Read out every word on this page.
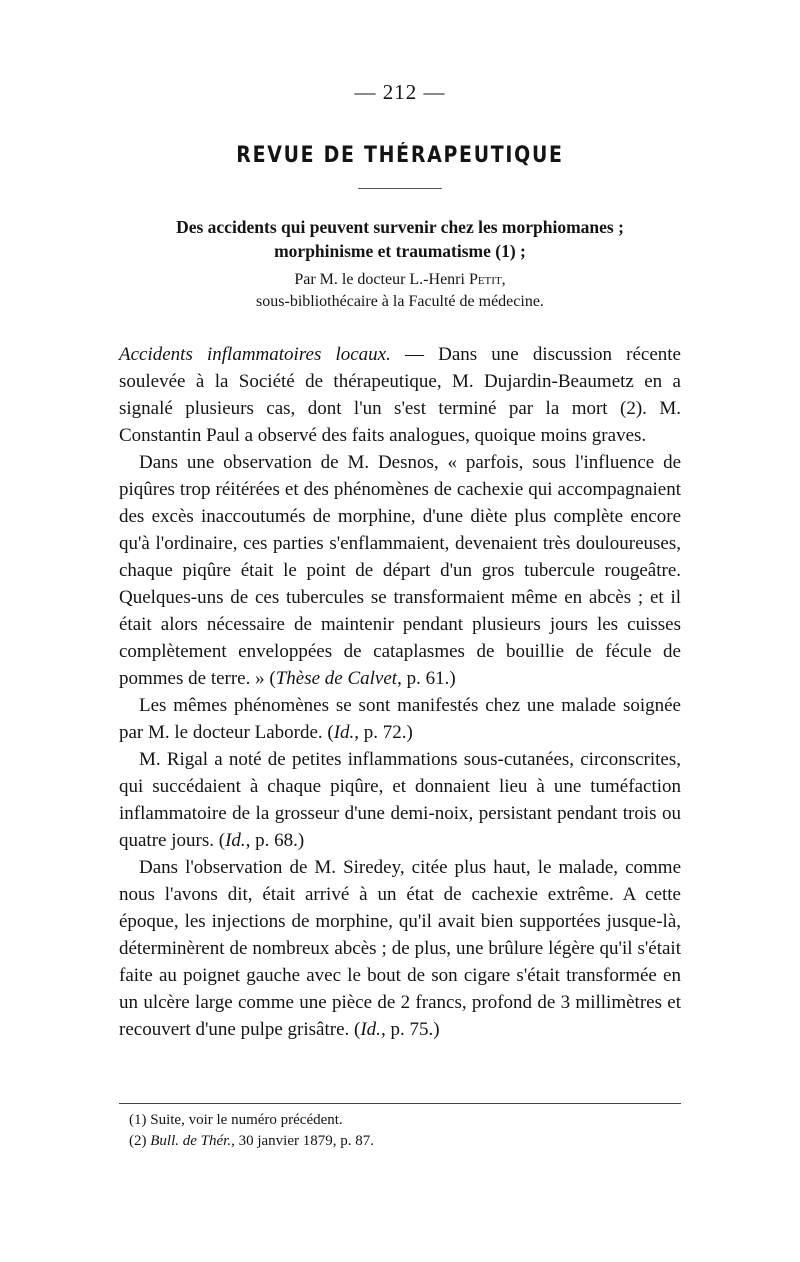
— 212 —
REVUE DE THÉRAPEUTIQUE
Des accidents qui peuvent survenir chez les morphiomanes ;
morphinisme et traumatisme (1) ;

Par M. le docteur L.-Henri Petit,

sous-bibliothécaire à la Faculté de médecine.

Accidents inflammatoires locaux. — Dans une discussion récente soulevée à la Société de thérapeutique, M. Dujardin-Beaumetz en a signalé plusieurs cas, dont l'un s'est terminé par la mort (2). M. Constantin Paul a observé des faits analogues, quoique moins graves.

Dans une observation de M. Desnos, « parfois, sous l'influence de piqûres trop réitérées et des phénomènes de cachexie qui accompagnaient des excès inaccoutumés de morphine, d'une diète plus complète encore qu'à l'ordinaire, ces parties s'enflammaient, devenaient très douloureuses, chaque piqûre était le point de départ d'un gros tubercule rougeâtre. Quelques-uns de ces tubercules se transformaient même en abcès ; et il était alors nécessaire de maintenir pendant plusieurs jours les cuisses complètement enveloppées de cataplasmes de bouillie de fécule de pommes de terre. » (Thèse de Calvet, p. 61.)

Les mêmes phénomènes se sont manifestés chez une malade soignée par M. le docteur Laborde. (Id., p. 72.)

M. Rigal a noté de petites inflammations sous-cutanées, circonscrites, qui succédaient à chaque piqûre, et donnaient lieu à une tuméfaction inflammatoire de la grosseur d'une demi-noix, persistant pendant trois ou quatre jours. (Id., p. 68.)

Dans l'observation de M. Siredey, citée plus haut, le malade, comme nous l'avons dit, était arrivé à un état de cachexie extrême. A cette époque, les injections de morphine, qu'il avait bien supportées jusque-là, déterminèrent de nombreux abcès ; de plus, une brûlure légère qu'il s'était faite au poignet gauche avec le bout de son cigare s'était transformée en un ulcère large comme une pièce de 2 francs, profond de 3 millimètres et recouvert d'une pulpe grisâtre. (Id., p. 75.)

(1) Suite, voir le numéro précédent.

(2) Bull. de Thér., 30 janvier 1879, p. 87.
